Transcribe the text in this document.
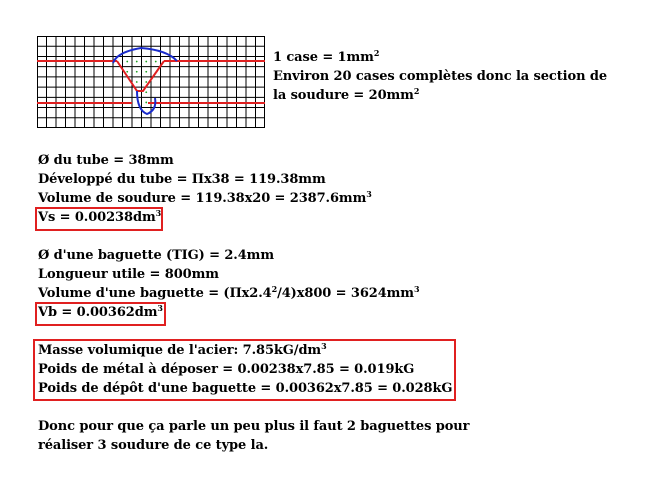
1 case = $1mm^2$
Environ 20 cases complètes donc la section de
la soudure = $20mm^2$
Ø du tube = 38mm
Développé du tube = Πx38 = 119.38mm
Volume de soudure = $119.38x20 = 2387.6mm^3$
$Vs = 0.00238dm^3$
Ø d'une baguette (TIG) = 2.4mm
Longueur utile = 800mm
Volume d'une baguette = $(\Pi x2.4^2/4)x800 = 3624mm^3$
$Vb = 0.00362dm^3$
Masse volumique de l'acier: $7.85kG/dm^3$
Poids de métal à déposer = 0.00238x7.85 = 0.019kG
Poids de dépôt d'une baguette = 0.00362x7.85 = 0.028kG
Donc pour que ça parle un peu plus il faut 2 baguettes pour
réaliser 3 soudure de ce type la.
